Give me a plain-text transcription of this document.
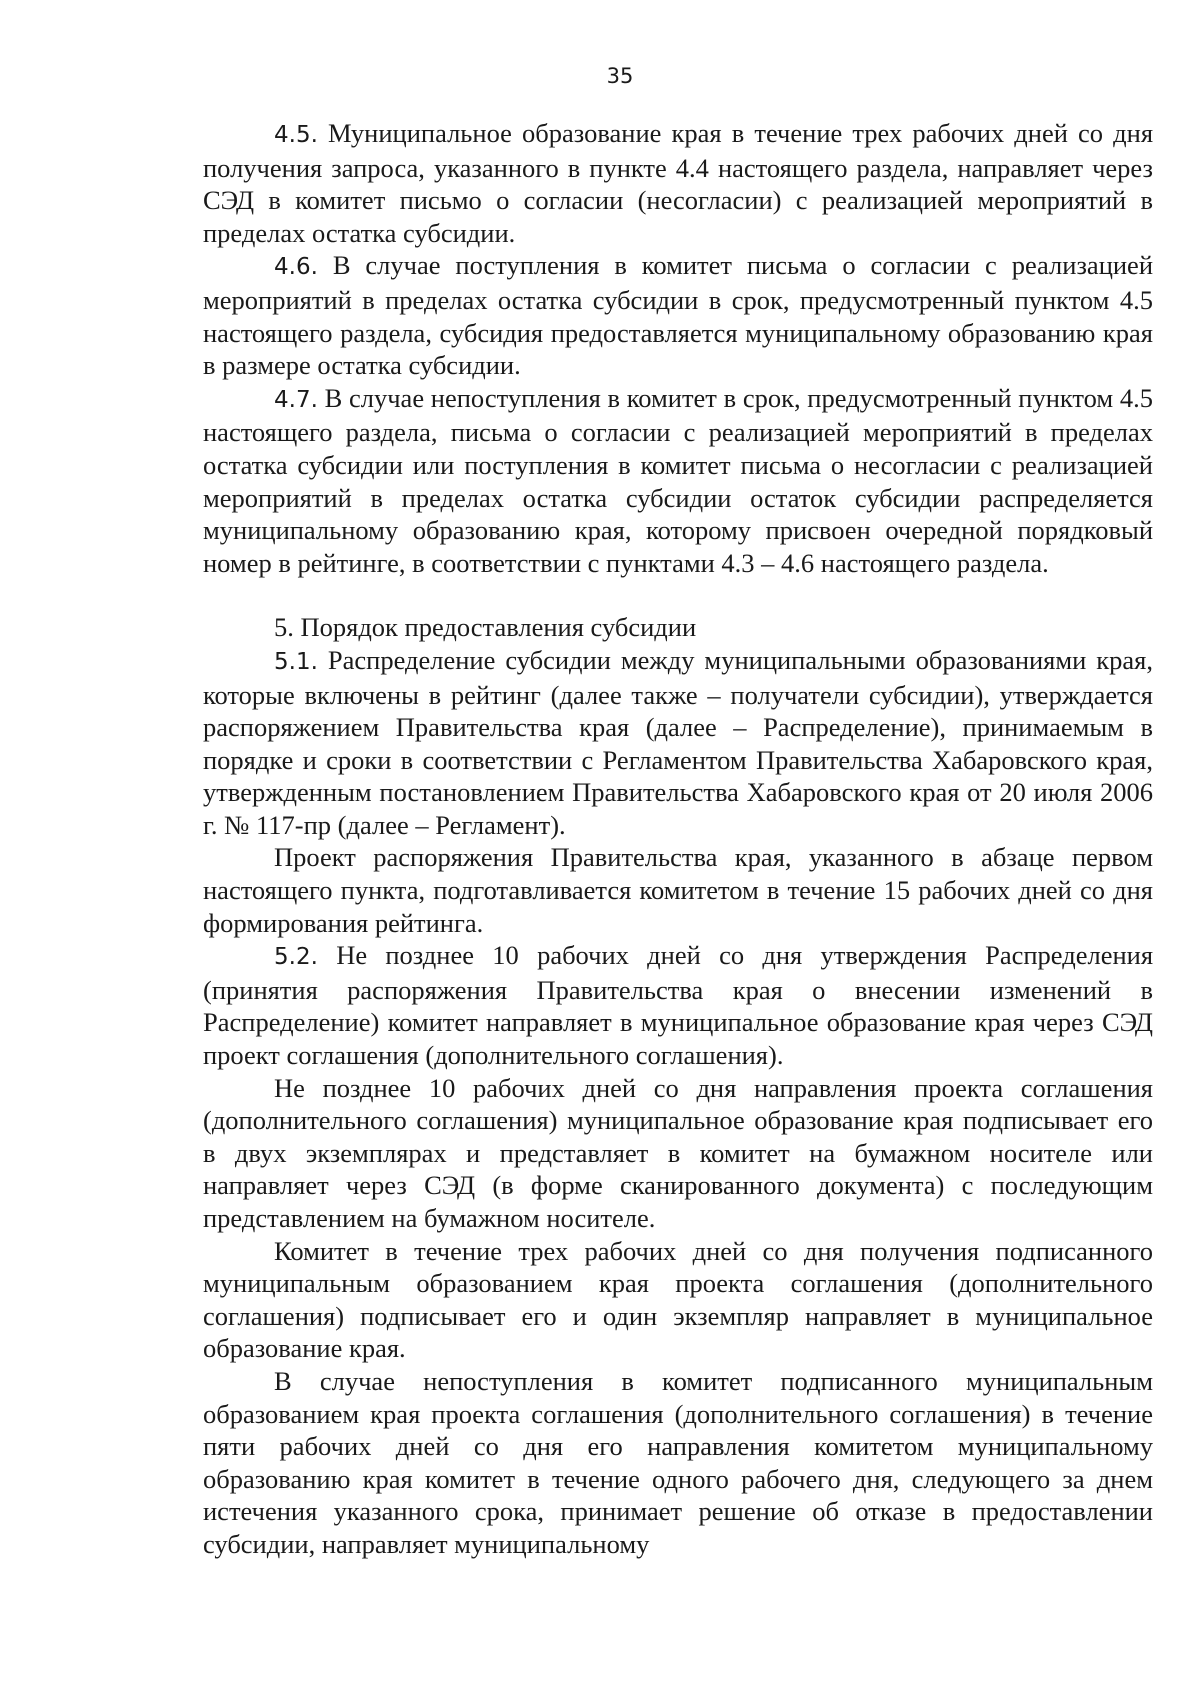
35

4.5. Муниципальное образование края в течение трех рабочих дней со дня получения запроса, указанного в пункте 4.4 настоящего раздела, направляет через СЭД в комитет письмо о согласии (несогласии) с реализацией мероприятий в пределах остатка субсидии.

4.6. В случае поступления в комитет письма о согласии с реализацией мероприятий в пределах остатка субсидии в срок, предусмотренный пунктом 4.5 настоящего раздела, субсидия предоставляется муниципальному образованию края в размере остатка субсидии.

4.7. В случае непоступления в комитет в срок, предусмотренный пунктом 4.5 настоящего раздела, письма о согласии с реализацией мероприятий в пределах остатка субсидии или поступления в комитет письма о несогласии с реализацией мероприятий в пределах остатка субсидии остаток субсидии распределяется муниципальному образованию края, которому присвоен очередной порядковый номер в рейтинге, в соответствии с пунктами 4.3 – 4.6 настоящего раздела.

5. Порядок предоставления субсидии

5.1. Распределение субсидии между муниципальными образованиями края, которые включены в рейтинг (далее также – получатели субсидии), утверждается распоряжением Правительства края (далее – Распределение), принимаемым в порядке и сроки в соответствии с Регламентом Правительства Хабаровского края, утвержденным постановлением Правительства Хабаровского края от 20 июля 2006 г. № 117-пр (далее – Регламент).

Проект распоряжения Правительства края, указанного в абзаце первом настоящего пункта, подготавливается комитетом в течение 15 рабочих дней со дня формирования рейтинга.

5.2. Не позднее 10 рабочих дней со дня утверждения Распределения (принятия распоряжения Правительства края о внесении изменений в Распределение) комитет направляет в муниципальное образование края через СЭД проект соглашения (дополнительного соглашения).

Не позднее 10 рабочих дней со дня направления проекта соглашения (дополнительного соглашения) муниципальное образование края подписывает его в двух экземплярах и представляет в комитет на бумажном носителе или направляет через СЭД (в форме сканированного документа) с последующим представлением на бумажном носителе.

Комитет в течение трех рабочих дней со дня получения подписанного муниципальным образованием края проекта соглашения (дополнительного соглашения) подписывает его и один экземпляр направляет в муниципальное образование края.

В случае непоступления в комитет подписанного муниципальным образованием края проекта соглашения (дополнительного соглашения) в течение пяти рабочих дней со дня его направления комитетом муниципальному образованию края комитет в течение одного рабочего дня, следующего за днем истечения указанного срока, принимает решение об отказе в предоставлении субсидии, направляет муниципальному
